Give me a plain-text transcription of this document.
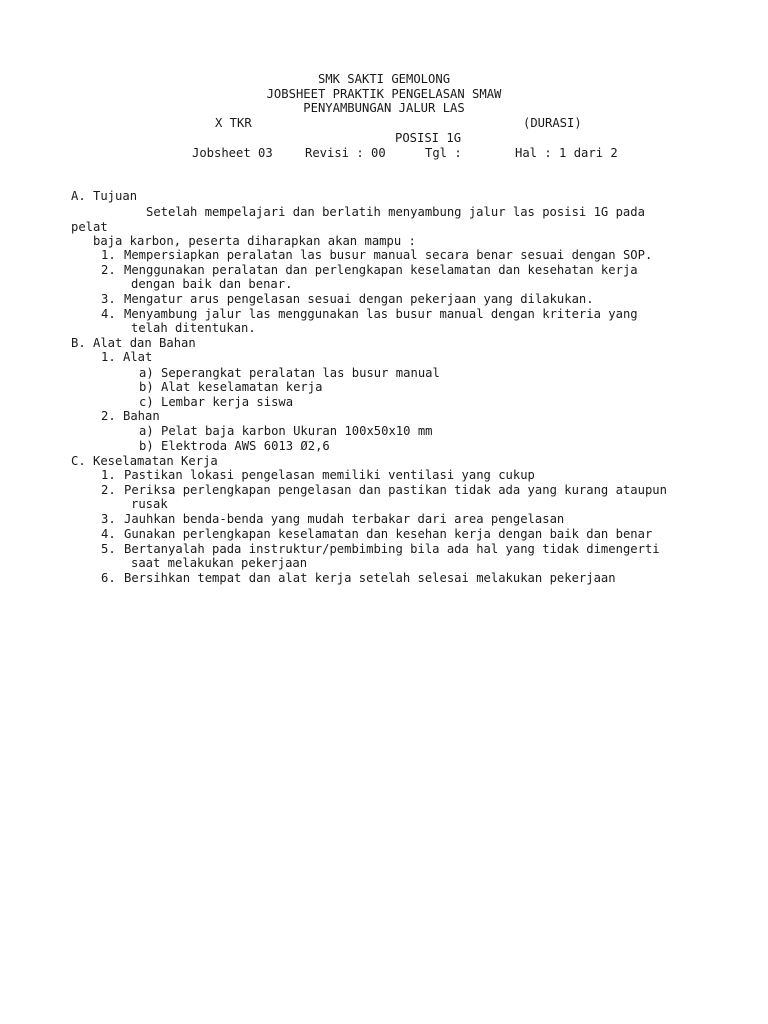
SMK SAKTI GEMOLONG
JOBSHEET PRAKTIK PENGELASAN SMAW
PENYAMBUNGAN JALUR LAS
X TKR	(DURASI)
POSISI 1G
Jobsheet 03	Revisi : 00	Tgl :	Hal : 1 dari 2
A. Tujuan
Setelah mempelajari dan berlatih menyambung jalur las posisi 1G pada
pelat
baja karbon, peserta diharapkan akan mampu :
1. Mempersiapkan peralatan las busur manual secara benar sesuai dengan SOP.
2. Menggunakan peralatan dan perlengkapan keselamatan dan kesehatan kerja
dengan baik dan benar.
3. Mengatur arus pengelasan sesuai dengan pekerjaan yang dilakukan.
4. Menyambung jalur las menggunakan las busur manual dengan kriteria yang
telah ditentukan.
B. Alat dan Bahan
1. Alat
a) Seperangkat peralatan las busur manual
b) Alat keselamatan kerja
c) Lembar kerja siswa
2. Bahan
a) Pelat baja karbon Ukuran 100x50x10 mm
b) Elektroda AWS 6013 Ø2,6
C. Keselamatan Kerja
1. Pastikan lokasi pengelasan memiliki ventilasi yang cukup
2. Periksa perlengkapan pengelasan dan pastikan tidak ada yang kurang ataupun
rusak
3. Jauhkan benda-benda yang mudah terbakar dari area pengelasan
4. Gunakan perlengkapan keselamatan dan kesehan kerja dengan baik dan benar
5. Bertanyalah pada instruktur/pembimbing bila ada hal yang tidak dimengerti
saat melakukan pekerjaan
6. Bersihkan tempat dan alat kerja setelah selesai melakukan pekerjaan
